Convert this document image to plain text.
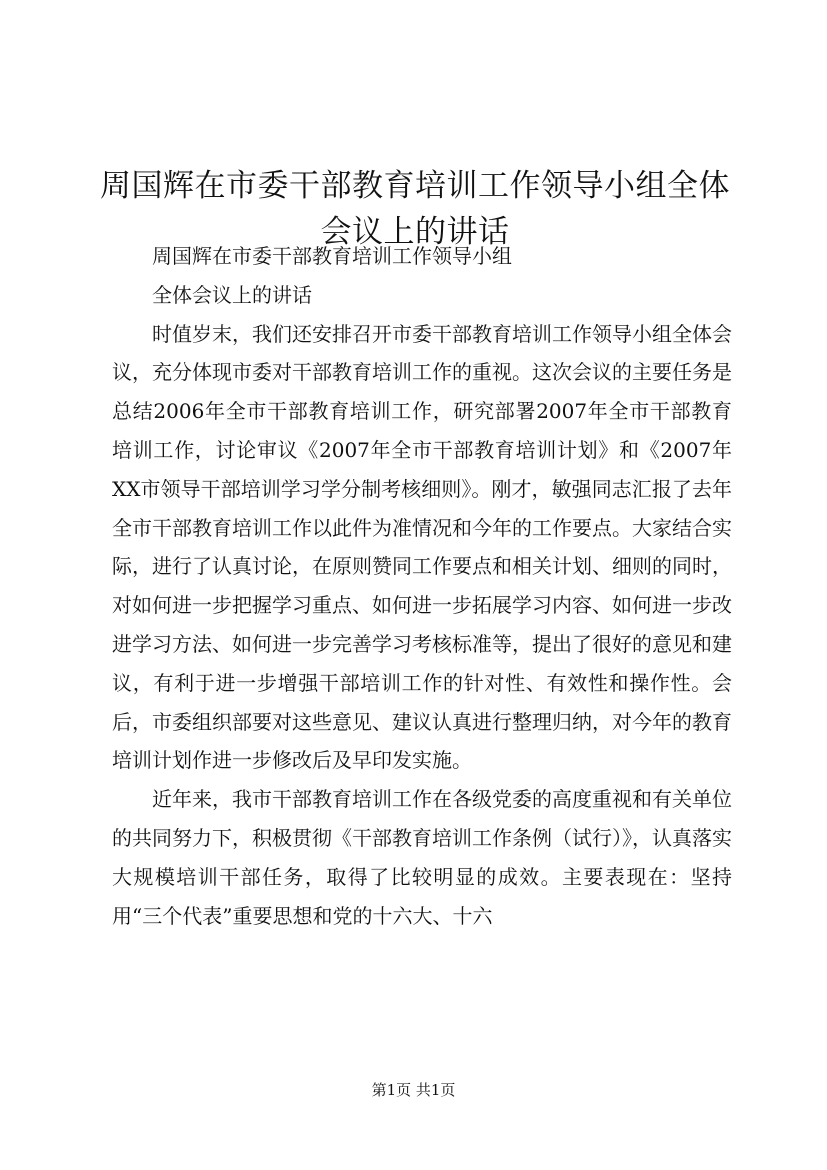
周国辉在市委干部教育培训工作领导小组全体会议上的讲话

周国辉在市委干部教育培训工作领导小组

全体会议上的讲话

时值岁末，我们还安排召开市委干部教育培训工作领导小组全体会议，充分体现市委对干部教育培训工作的重视。这次会议的主要任务是总结2006年全市干部教育培训工作，研究部署2007年全市干部教育培训工作，讨论审议《2007年全市干部教育培训计划》和《2007年XX市领导干部培训学习学分制考核细则》。刚才，敏强同志汇报了去年全市干部教育培训工作以此件为准情况和今年的工作要点。大家结合实际，进行了认真讨论，在原则赞同工作要点和相关计划、细则的同时，对如何进一步把握学习重点、如何进一步拓展学习内容、如何进一步改进学习方法、如何进一步完善学习考核标准等，提出了很好的意见和建议，有利于进一步增强干部培训工作的针对性、有效性和操作性。会后，市委组织部要对这些意见、建议认真进行整理归纳，对今年的教育培训计划作进一步修改后及早印发实施。

近年来，我市干部教育培训工作在各级党委的高度重视和有关单位的共同努力下，积极贯彻《干部教育培训工作条例（试行）》，认真落实大规模培训干部任务，取得了比较明显的成效。主要表现在：坚持用“三个代表”重要思想和党的十六大、十六

第1页 共1页
